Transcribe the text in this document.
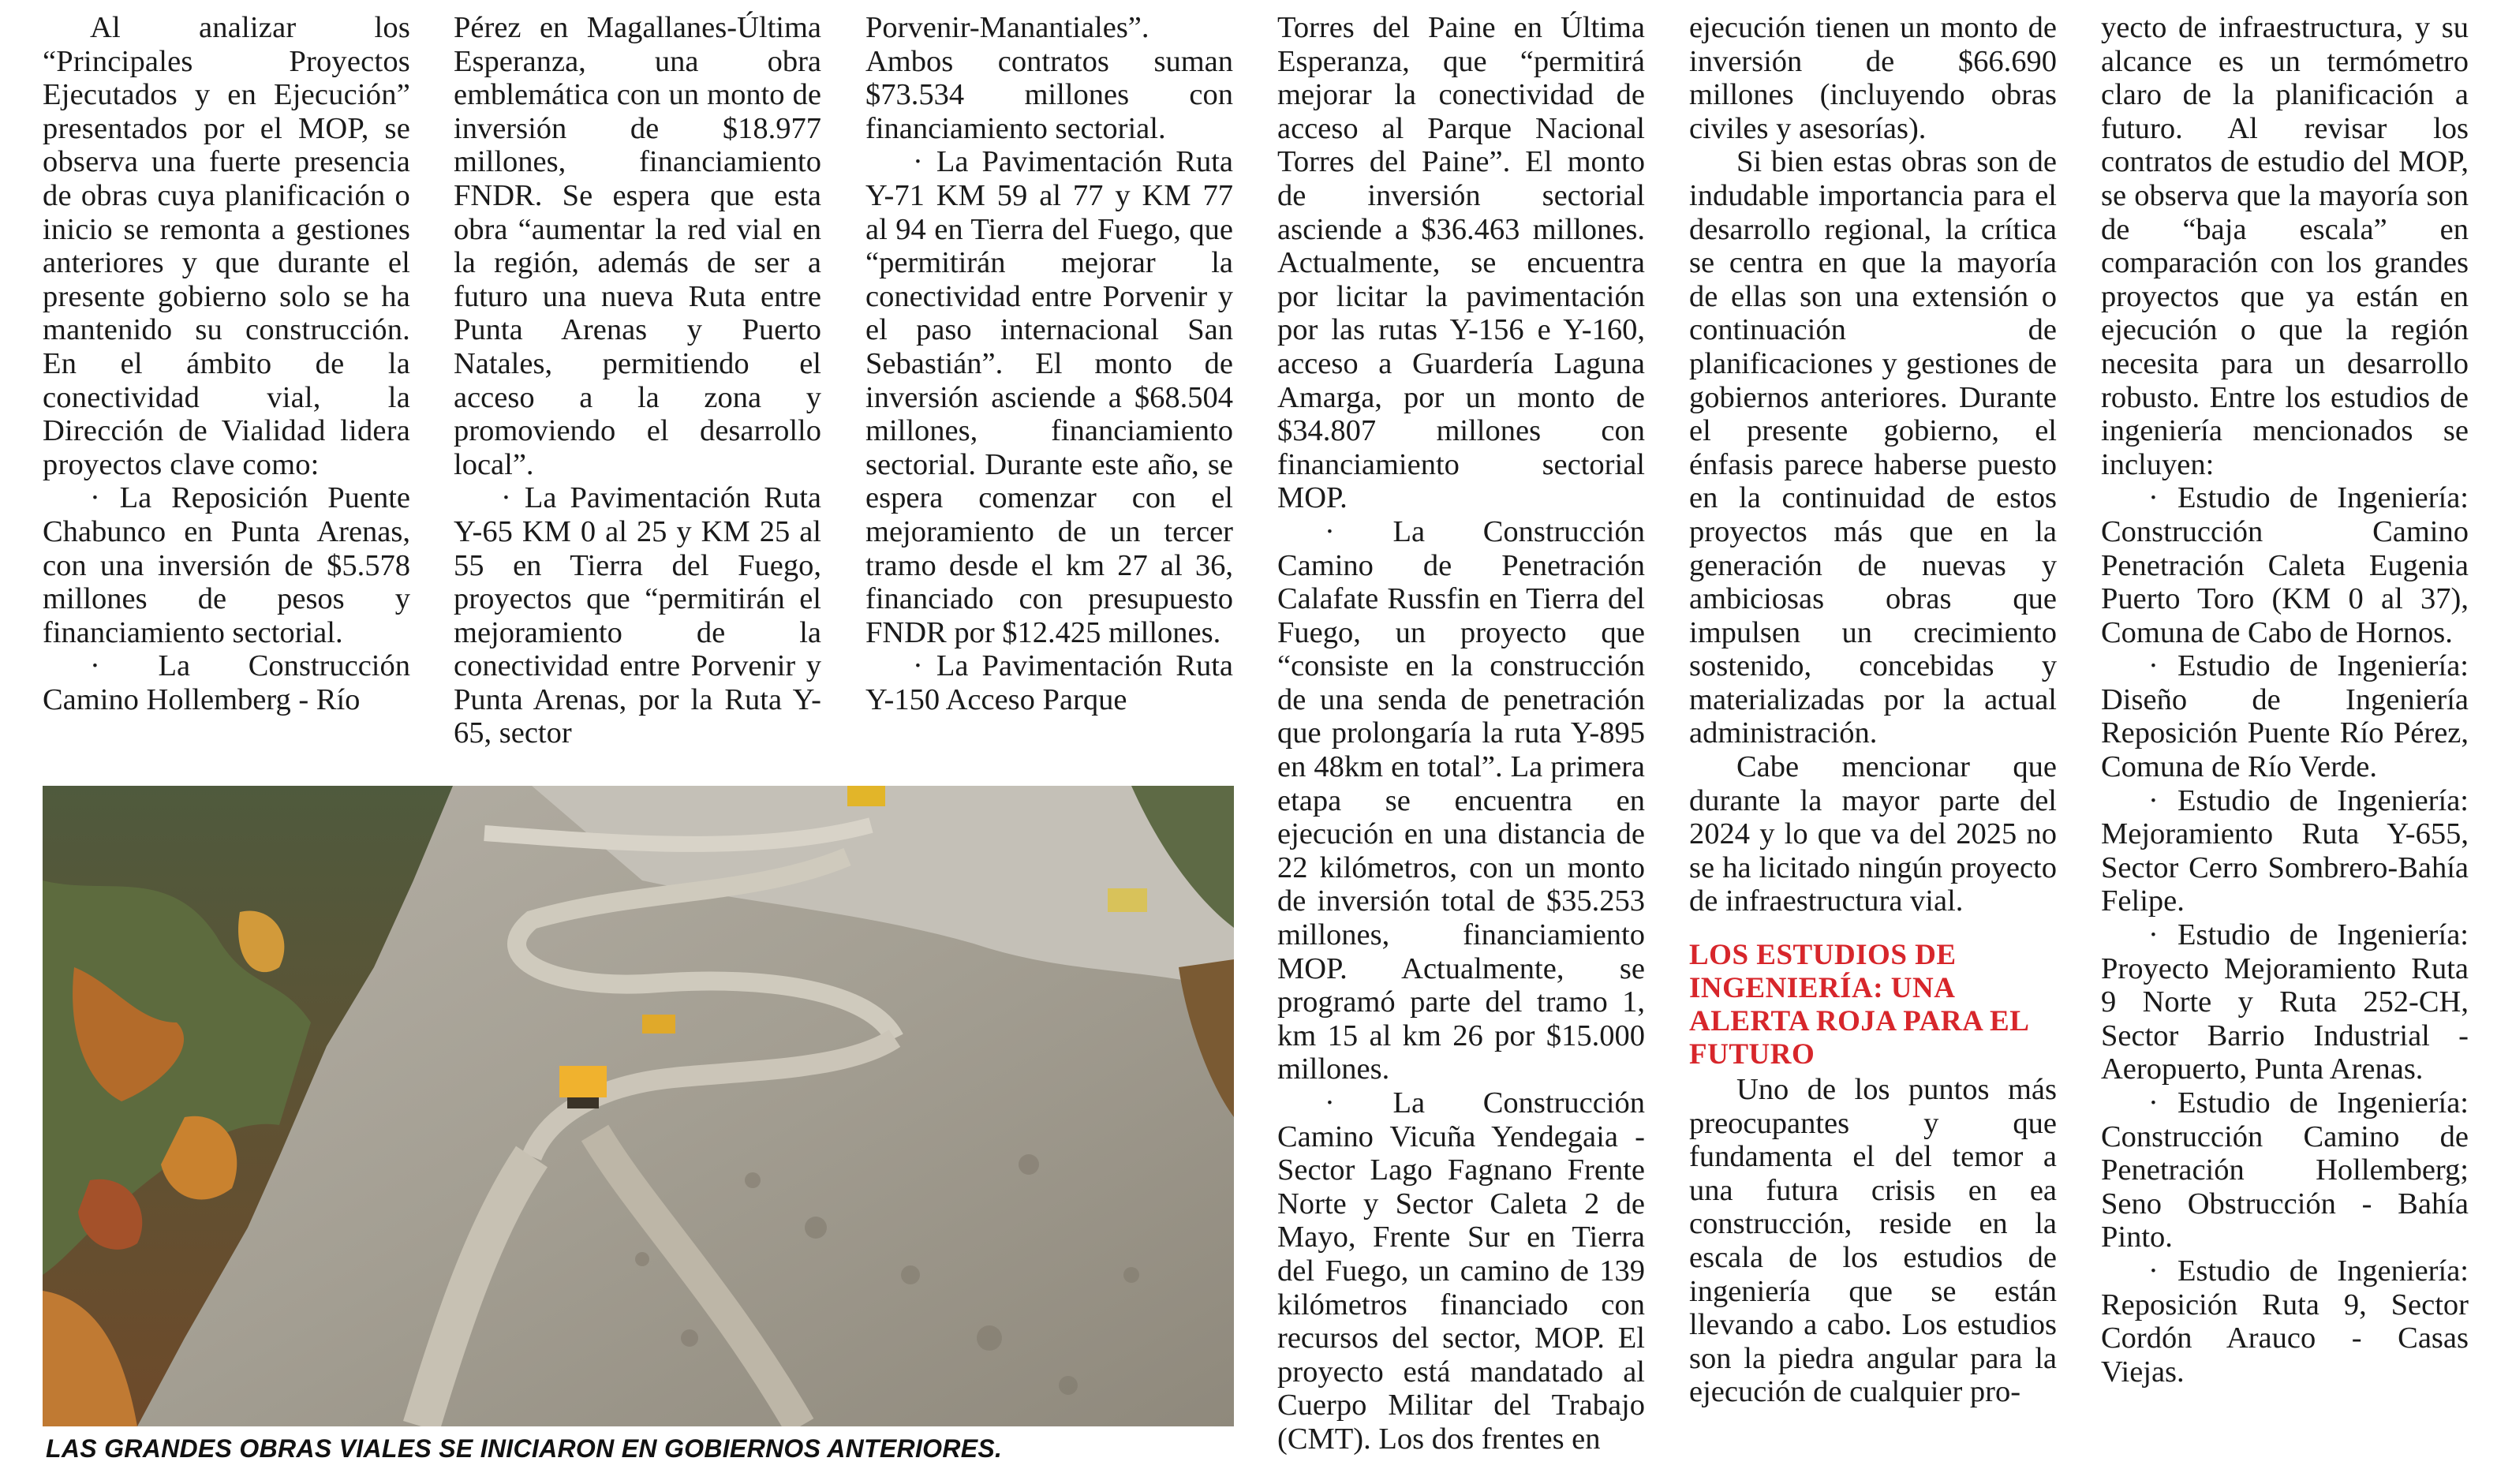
Al analizar los “Principales Proyectos Ejecutados y en Ejecución” presentados por el MOP, se observa una fuerte presencia de obras cuya planificación o inicio se remonta a gestiones anteriores y que durante el presente gobierno solo se ha mantenido su construcción. En el ámbito de la conectividad vial, la Dirección de Vialidad lidera proyectos clave como:

· La Reposición Puente Chabunco en Punta Arenas, con una inversión de $5.578 millones de pesos y financiamiento sectorial.

· La Construcción Camino Hollemberg - Río

Pérez en Magallanes-Última Esperanza, una obra emblemática con un monto de inversión de $18.977 millones, financiamiento FNDR. Se espera que esta obra “aumentar la red vial en la región, además de ser a futuro una nueva Ruta entre Punta Arenas y Puerto Natales, permitiendo el acceso a la zona y promoviendo el desarrollo local”.

· La Pavimentación Ruta Y-65 KM 0 al 25 y KM 25 al 55 en Tierra del Fuego, proyectos que “permitirán el mejoramiento de la conectividad entre Porvenir y Punta Arenas, por la Ruta Y-65, sector

Porvenir-Manantiales”. Ambos contratos suman $73.534 millones con financiamiento sectorial.

· La Pavimentación Ruta Y-71 KM 59 al 77 y KM 77 al 94 en Tierra del Fuego, que “permitirán mejorar la conectividad entre Porvenir y el paso internacional San Sebastián”. El monto de inversión asciende a $68.504 millones, financiamiento sectorial. Durante este año, se espera comenzar con el mejoramiento de un tercer tramo desde el km 27 al 36, financiado con presupuesto FNDR por $12.425 millones.

· La Pavimentación Ruta Y-150 Acceso Parque

Torres del Paine en Última Esperanza, que “permitirá mejorar la conectividad de acceso al Parque Nacional Torres del Paine”. El monto de inversión sectorial asciende a $36.463 millones. Actualmente, se encuentra por licitar la pavimentación por las rutas Y-156 e Y-160, acceso a Guardería Laguna Amarga, por un monto de $34.807 millones con financiamiento sectorial MOP.

· La Construcción Camino de Penetración Calafate Russfin en Tierra del Fuego, un proyecto que “consiste en la construcción de una senda de penetración que prolongaría la ruta Y-895 en 48km en total”. La primera etapa se encuentra en ejecución en una distancia de 22 kilómetros, con un monto de inversión total de $35.253 millones, financiamiento MOP. Actualmente, se programó parte del tramo 1, km 15 al km 26 por $15.000 millones.

· La Construcción Camino Vicuña Yendegaia - Sector Lago Fagnano Frente Norte y Sector Caleta 2 de Mayo, Frente Sur en Tierra del Fuego, un camino de 139 kilómetros financiado con recursos del sector, MOP. El proyecto está mandatado al Cuerpo Militar del Trabajo (CMT). Los dos frentes en

ejecución tienen un monto de inversión de $66.690 millones (incluyendo obras civiles y asesorías).

Si bien estas obras son de indudable importancia para el desarrollo regional, la crítica se centra en que la mayoría de ellas son una extensión o continuación de planificaciones y gestiones de gobiernos anteriores. Durante el presente gobierno, el énfasis parece haberse puesto en la continuidad de estos proyectos más que en la generación de nuevas y ambiciosas obras que impulsen un crecimiento sostenido, concebidas y materializadas por la actual administración.

Cabe mencionar que durante la mayor parte del 2024 y lo que va del 2025 no se ha licitado ningún proyecto de infraestructura vial.

LOS ESTUDIOS DE INGENIERÍA: UNA ALERTA ROJA PARA EL FUTURO

Uno de los puntos más preocupantes y que fundamenta el del temor a una futura crisis en ea construcción, reside en la escala de los estudios de ingeniería que se están llevando a cabo. Los estudios son la piedra angular para la ejecución de cualquier pro-

yecto de infraestructura, y su alcance es un termómetro claro de la planificación a futuro. Al revisar los contratos de estudio del MOP, se observa que la mayoría son de “baja escala” en comparación con los grandes proyectos que ya están en ejecución o que la región necesita para un desarrollo robusto. Entre los estudios de ingeniería mencionados se incluyen:

· Estudio de Ingeniería: Construcción Camino Penetración Caleta Eugenia Puerto Toro (KM 0 al 37), Comuna de Cabo de Hornos.

· Estudio de Ingeniería: Diseño de Ingeniería Reposición Puente Río Pérez, Comuna de Río Verde.

· Estudio de Ingeniería: Mejoramiento Ruta Y-655, Sector Cerro Sombrero-Bahía Felipe.

· Estudio de Ingeniería: Proyecto Mejoramiento Ruta 9 Norte y Ruta 252-CH, Sector Barrio Industrial - Aeropuerto, Punta Arenas.

· Estudio de Ingeniería: Construcción Camino de Penetración Hollemberg; Seno Obstrucción - Bahía Pinto.

· Estudio de Ingeniería: Reposición Ruta 9, Sector Cordón Arauco - Casas Viejas.

LAS GRANDES OBRAS VIALES SE INICIARON EN GOBIERNOS ANTERIORES.
